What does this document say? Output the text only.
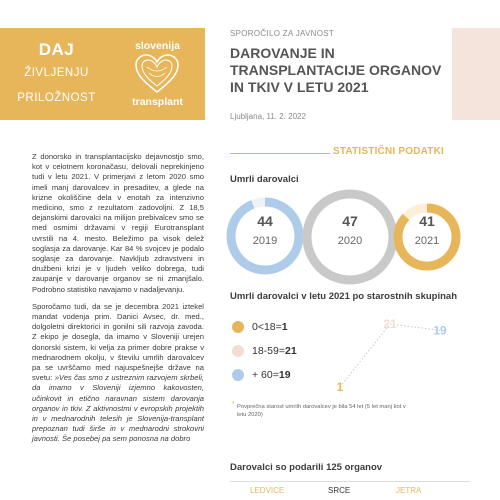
DAJ
ŽIVLJENJU
PRILOŽNOST
slovenija
transplant
SPOROČILO ZA JAVNOST
DAROVANJE IN
TRANSPLANTACIJE ORGANOV
IN TKIV V LETU 2021
Ljubljana, 11. 2. 2022

Z donorsko in transplantacijsko dejavnostjo smo, kot v celotnem koronačasu, delovali neprekinjeno tudi v letu 2021. V primerjavi z letom 2020 smo imeli manj darovalcev in presaditev, a glede na krizne okoliščine dela v enotah za intenzivno medicino, smo z rezultatom zadovoljni. Z 18,5 dejanskimi darovalci na milijon prebivalcev smo se med osmimi državami v regiji Eurotransplant uvrstili na 4. mesto. Beležimo pa visok delež soglasja za darovanje. Kar 84 % svojcev je podalo soglasje za darovanje. Navkljub zdravstveni in družbeni krizi je v ljudeh veliko dobrega, tudi zaupanje v darovanje organov se ni zmanjšalo. Podrobno statistiko navajamo v nadaljevanju.

Sporočamo tudi, da se je decembra 2021 iztekel mandat vodenja prim. Danici Avsec, dr. med., dolgoletni direktorici in gonilni sili razvoja zavoda. Z ekipo je dosegla, da imamo v Sloveniji urejen donorski sistem, ki velja za primer dobre prakse v mednarodnem okolju, v številu umrlih darovalcev pa se uvrščamo med najuspešnejše države na svetu: »Ves čas smo z ustreznim razvojem skrbeli, da imamo v Sloveniji izjemno kakovosten, učinkovit in etično naravnan sistem darovanja organov in tkiv. Z aktivnostmi v evropskih projektih in v mednarodnih telesih je Slovenija-transplant prepoznan tudi širše in v mednarodni strokovni javnosti. Še posebej pa sem ponosna na dobro

STATISTIČNI PODATKI
Umrli darovalci
44
2019
47
2020
41
2021
Umrli darovalci v letu 2021 po starostnih skupinah
0<18=1
18-59=21
+ 60=19
1
21	19
* Povprečna starost umrlih darovalcev je bila 54 let (5 let manj kot v letu 2020)
Darovalci so podarili 125 organov
LEDVICE	SRCE	JETRA
